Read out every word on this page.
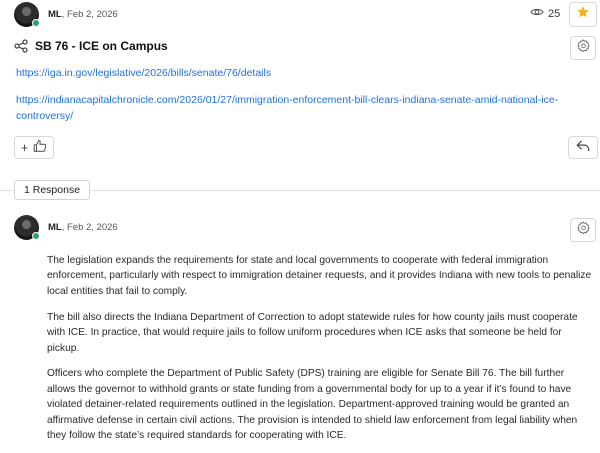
ML, Feb 2, 2026	25
SB 76 - ICE on Campus
https://iga.in.gov/legislative/2026/bills/senate/76/details
https://indianacapitalchronicle.com/2026/01/27/immigration-enforcement-bill-clears-indiana-senate-amid-national-ice-controversy/
+
1 Response
ML, Feb 2, 2026

The legislation expands the requirements for state and local governments to cooperate with federal immigration enforcement, particularly with respect to immigration detainer requests, and it provides Indiana with new tools to penalize local entities that fail to comply.

The bill also directs the Indiana Department of Correction to adopt statewide rules for how county jails must cooperate with ICE. In practice, that would require jails to follow uniform procedures when ICE asks that someone be held for pickup.

Officers who complete the Department of Public Safety (DPS) training are eligible for Senate Bill 76. The bill further allows the governor to withhold grants or state funding from a governmental body for up to a year if it’s found to have violated detainer-related requirements outlined in the legislation. Department-approved training would be granted an affirmative defense in certain civil actions. The provision is intended to shield law enforcement from legal liability when they follow the state’s required standards for cooperating with ICE.
